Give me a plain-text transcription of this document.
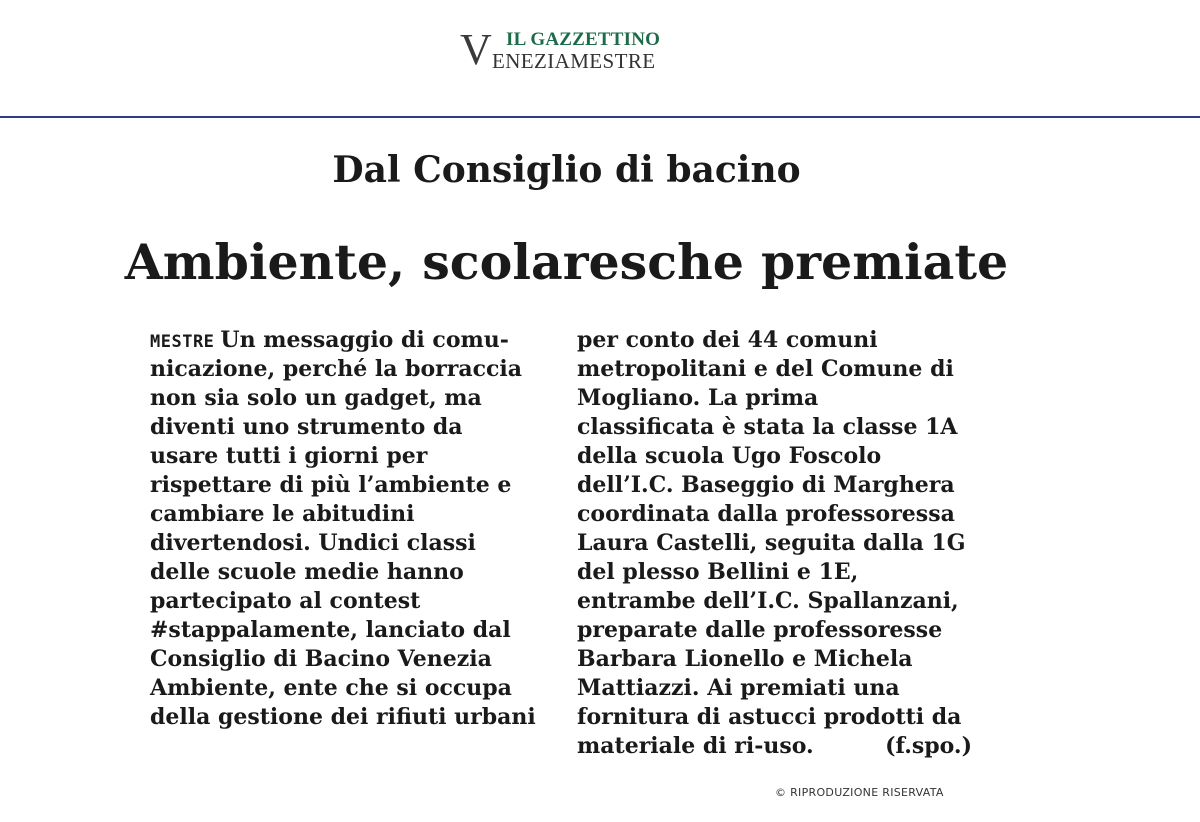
V IL GAZZETTINO
ENEZIAMESTRE
Dal Consiglio di bacino
Ambiente, scolaresche premiate
MESTRE Un messaggio di comu-
nicazione, perché la borraccia
non sia solo un gadget, ma
diventi uno strumento da
usare tutti i giorni per
rispettare di più l’ambiente e
cambiare le abitudini
divertendosi. Undici classi
delle scuole medie hanno
partecipato al contest
#stappalamente, lanciato dal
Consiglio di Bacino Venezia
Ambiente, ente che si occupa
della gestione dei rifiuti urbani
per conto dei 44 comuni
metropolitani e del Comune di
Mogliano. La prima
classificata è stata la classe 1A
della scuola Ugo Foscolo
dell’I.C. Baseggio di Marghera
coordinata dalla professoressa
Laura Castelli, seguita dalla 1G
del plesso Bellini e 1E,
entrambe dell’I.C. Spallanzani,
preparate dalle professoresse
Barbara Lionello e Michela
Mattiazzi. Ai premiati una
fornitura di astucci prodotti da
materiale di ri-uso.	(f.spo.)
© RIPRODUZIONE RISERVATA
